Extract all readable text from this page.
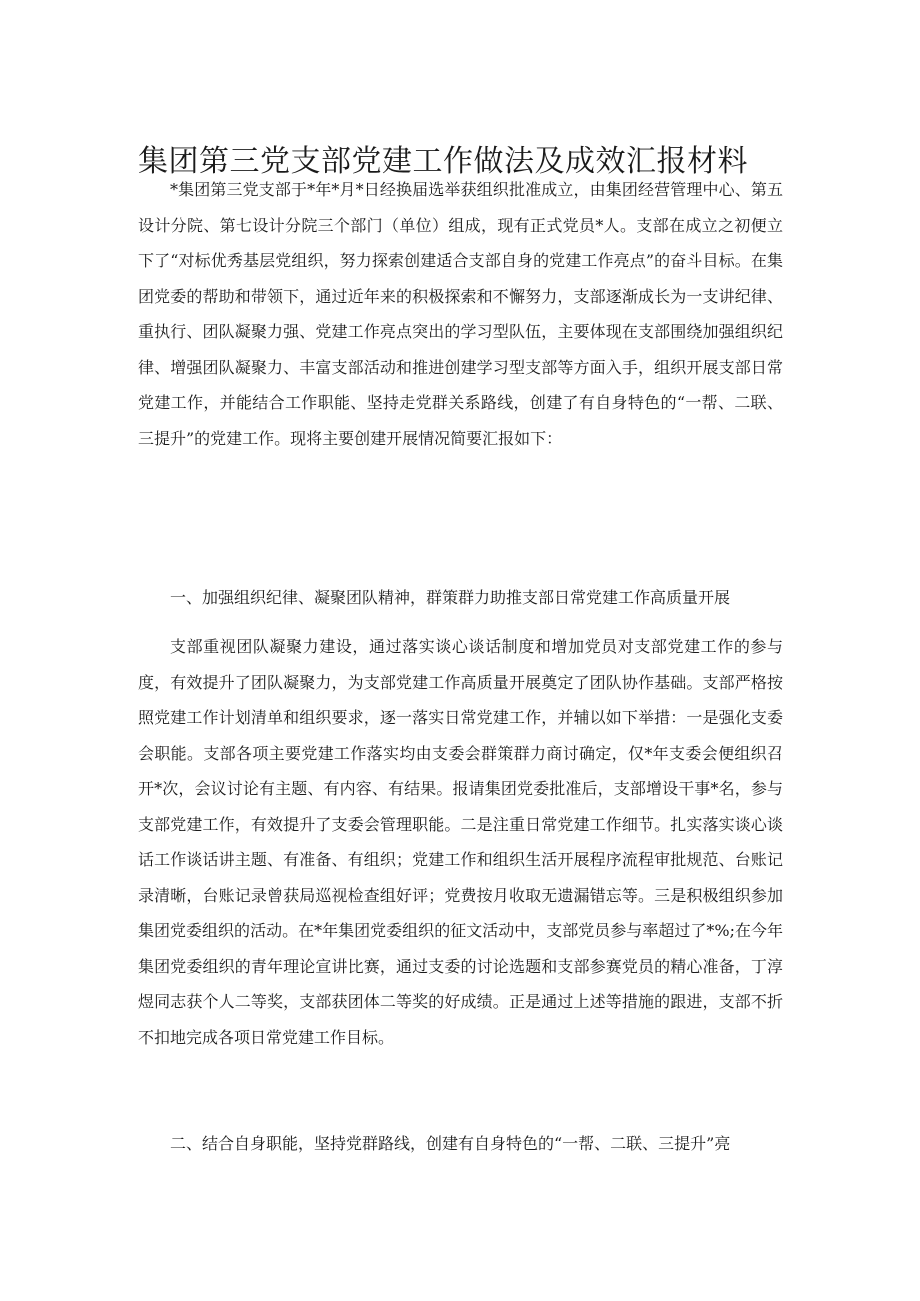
集团第三党支部党建工作做法及成效汇报材料

*集团第三党支部于*年*月*日经换届选举获组织批准成立，由集团经营管理中心、第五设计分院、第七设计分院三个部门（单位）组成，现有正式党员*人。支部在成立之初便立下了“对标优秀基层党组织，努力探索创建适合支部自身的党建工作亮点”的奋斗目标。在集团党委的帮助和带领下，通过近年来的积极探索和不懈努力，支部逐渐成长为一支讲纪律、重执行、团队凝聚力强、党建工作亮点突出的学习型队伍，主要体现在支部围绕加强组织纪律、增强团队凝聚力、丰富支部活动和推进创建学习型支部等方面入手，组织开展支部日常党建工作，并能结合工作职能、坚持走党群关系路线，创建了有自身特色的“一帮、二联、三提升”的党建工作。现将主要创建开展情况简要汇报如下：

一、加强组织纪律、凝聚团队精神，群策群力助推支部日常党建工作高质量开展

支部重视团队凝聚力建设，通过落实谈心谈话制度和增加党员对支部党建工作的参与度，有效提升了团队凝聚力，为支部党建工作高质量开展奠定了团队协作基础。支部严格按照党建工作计划清单和组织要求，逐一落实日常党建工作，并辅以如下举措：一是强化支委会职能。支部各项主要党建工作落实均由支委会群策群力商讨确定，仅*年支委会便组织召开*次，会议讨论有主题、有内容、有结果。报请集团党委批准后，支部增设干事*名，参与支部党建工作，有效提升了支委会管理职能。二是注重日常党建工作细节。扎实落实谈心谈话工作谈话讲主题、有准备、有组织；党建工作和组织生活开展程序流程审批规范、台账记录清晰，台账记录曾获局巡视检查组好评；党费按月收取无遗漏错忘等。三是积极组织参加集团党委组织的活动。在*年集团党委组织的征文活动中，支部党员参与率超过了*%;在今年集团党委组织的青年理论宣讲比赛，通过支委的讨论选题和支部参赛党员的精心准备，丁淳煜同志获个人二等奖，支部获团体二等奖的好成绩。正是通过上述等措施的跟进，支部不折不扣地完成各项日常党建工作目标。

二、结合自身职能，坚持党群路线，创建有自身特色的“一帮、二联、三提升”亮
